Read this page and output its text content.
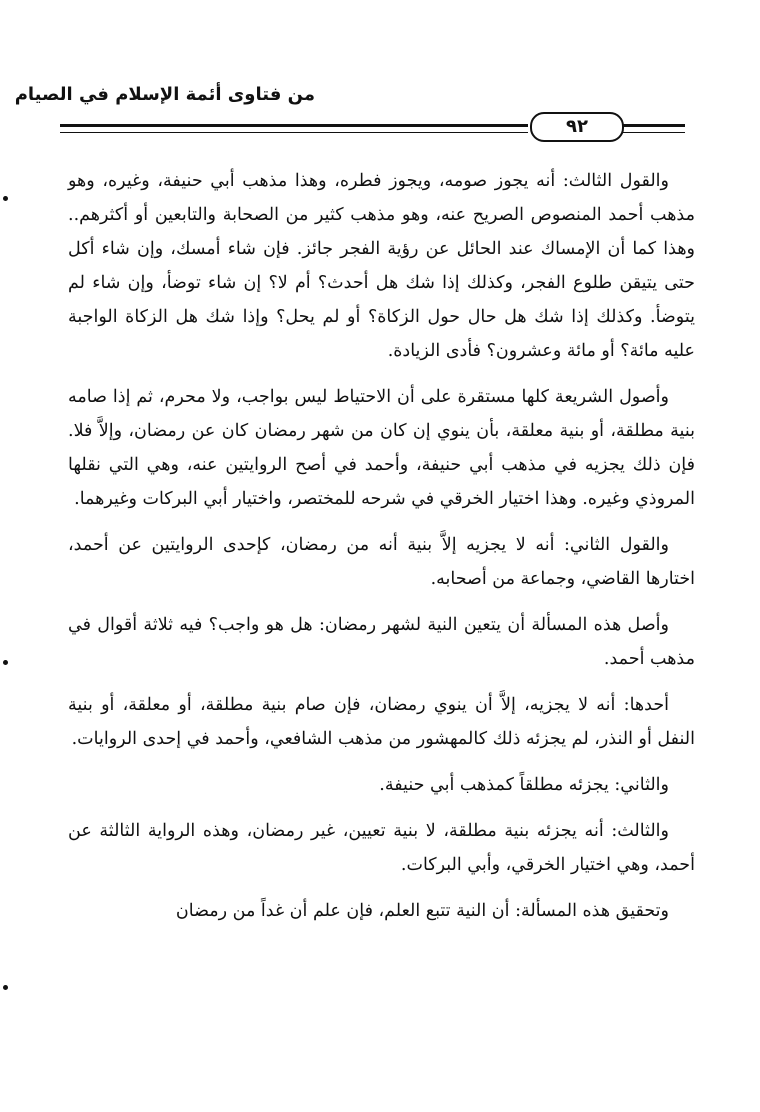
من فتاوى أئمة الإسلام في الصيام
٩٢

والقول الثالث: أنه يجوز صومه، ويجوز فطره، وهذا مذهب أبي حنيفة، وغيره، وهو مذهب أحمد المنصوص الصريح عنه، وهو مذهب كثير من الصحابة والتابعين أو أكثرهم.. وهذا كما أن الإمساك عند الحائل عن رؤية الفجر جائز. فإن شاء أمسك، وإن شاء أكل حتى يتيقن طلوع الفجر، وكذلك إذا شك هل أحدث؟ أم لا؟ إن شاء توضأ، وإن شاء لم يتوضأ. وكذلك إذا شك هل حال حول الزكاة؟ أو لم يحل؟ وإذا شك هل الزكاة الواجبة عليه مائة؟ أو مائة وعشرون؟ فأدى الزيادة.

وأصول الشريعة كلها مستقرة على أن الاحتياط ليس بواجب، ولا محرم، ثم إذا صامه بنية مطلقة، أو بنية معلقة، بأن ينوي إن كان من شهر رمضان كان عن رمضان، وإلاَّ فلا. فإن ذلك يجزيه في مذهب أبي حنيفة، وأحمد في أصح الروايتين عنه، وهي التي نقلها المروذي وغيره. وهذا اختيار الخرقي في شرحه للمختصر، واختيار أبي البركات وغيرهما.

والقول الثاني: أنه لا يجزيه إلاَّ بنية أنه من رمضان، كإحدى الروايتين عن أحمد، اختارها القاضي، وجماعة من أصحابه.

وأصل هذه المسألة أن يتعين النية لشهر رمضان: هل هو واجب؟ فيه ثلاثة أقوال في مذهب أحمد.

أحدها: أنه لا يجزيه، إلاَّ أن ينوي رمضان، فإن صام بنية مطلقة، أو معلقة، أو بنية النفل أو النذر، لم يجزئه ذلك كالمهشور من مذهب الشافعي، وأحمد في إحدى الروايات.

والثاني: يجزئه مطلقاً كمذهب أبي حنيفة.

والثالث: أنه يجزئه بنية مطلقة، لا بنية تعيين، غير رمضان، وهذه الرواية الثالثة عن أحمد، وهي اختيار الخرقي، وأبي البركات.

وتحقيق هذه المسألة: أن النية تتبع العلم، فإن علم أن غداً من رمضان
